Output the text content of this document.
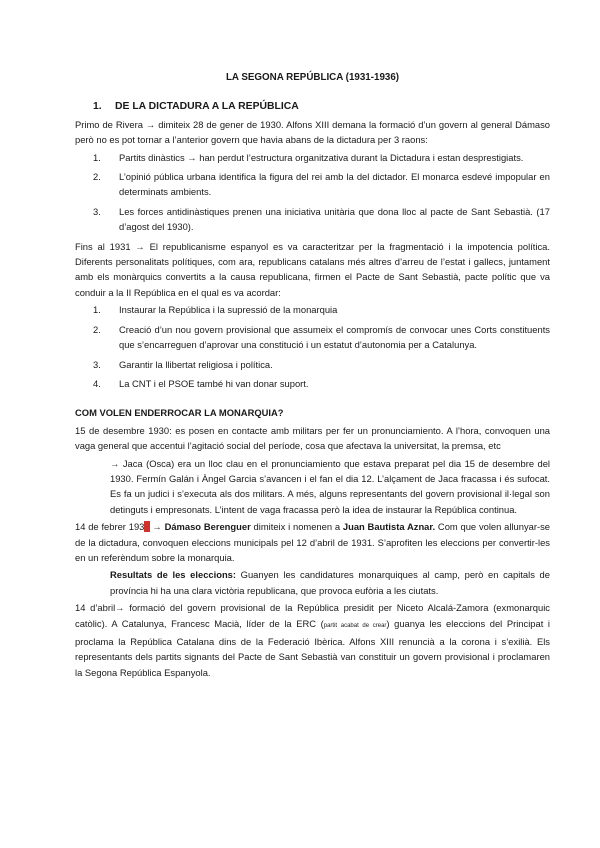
LA SEGONA REPÚBLICA (1931-1936)

1.	DE LA DICTADURA A LA REPÚBLICA

Primo de Rivera → dimiteix 28 de gener de 1930. Alfons XIII demana la formació d’un govern al general Dámaso però no es pot tornar a l’anterior govern que havia abans de la dictadura per 3 raons:

1.	Partits dinàstics → han perdut l’estructura organitzativa durant la Dictadura i estan desprestigiats.
2.	L’opinió pública urbana identifica la figura del rei amb la del dictador. El monarca esdevé impopular en determinats ambients.
3.	Les forces antidinàstiques prenen una iniciativa unitària que dona lloc al pacte de Sant Sebastià. (17 d’agost del 1930).

Fins al 1931 → El republicanisme espanyol es va caracteritzar per la fragmentació i la impotencia política. Diferents personalitats polítiques, com ara, republicans catalans més altres d’arreu de l’estat i gallecs, juntament amb els monàrquics convertits a la causa republicana, firmen el Pacte de Sant Sebastià, pacte polític que va conduir a la II República en el qual es va acordar:

1.	Instaurar la República i la supressió de la monarquia
2.	Creació d’un nou govern provisional que assumeix el compromís de convocar unes Corts constituents que s’encarreguen d’aprovar una constitució i un estatut d’autonomia per a Catalunya.
3.	Garantir la llibertat religiosa i política.
4.	La CNT i el PSOE també hi van donar suport.

COM VOLEN ENDERROCAR LA MONARQUIA?

15 de desembre 1930: es posen en contacte amb militars per fer un pronunciamiento. A l’hora, convoquen una vaga general que accentui l’agitació social del període, cosa que afectava la universitat, la premsa, etc

→ Jaca (Osca) era un lloc clau en el pronunciamiento que estava preparat pel dia 15 de desembre del 1930. Fermín Galán i Àngel Garcia s’avancen i el fan el dia 12. L’alçament de Jaca fracassa i és sufocat. Es fa un judici i s’executa als dos militars. A més, alguns representants del govern provisional il·legal son detinguts i empresonats. L’intent de vaga fracassa però la idea de instaurar la República continua.

14 de febrer 1931 → Dámaso Berenguer dimiteix i nomenen a Juan Bautista Aznar. Com que volen allunyar-se de la dictadura, convoquen eleccions municipals pel 12 d’abril de 1931. S’aprofiten les eleccions per convertir-les en un referèndum sobre la monarquia.

Resultats de les eleccions: Guanyen les candidatures monarquiques al camp, però en capitals de província hi ha una clara victòria republicana, que provoca eufòria a les ciutats.

14 d’abril→ formació del govern provisional de la República presidit per Niceto Alcalá-Zamora (exmonarquic catòlic). A Catalunya, Francesc Macià, líder de la ERC (partit acabat de crear) guanya les eleccions del Principat i proclama la República Catalana dins de la Federació Ibèrica. Alfons XIII renuncià a la corona i s’exilià. Els representants dels partits signants del Pacte de Sant Sebastià van constituir un govern provisional i proclamaren la Segona República Espanyola.
